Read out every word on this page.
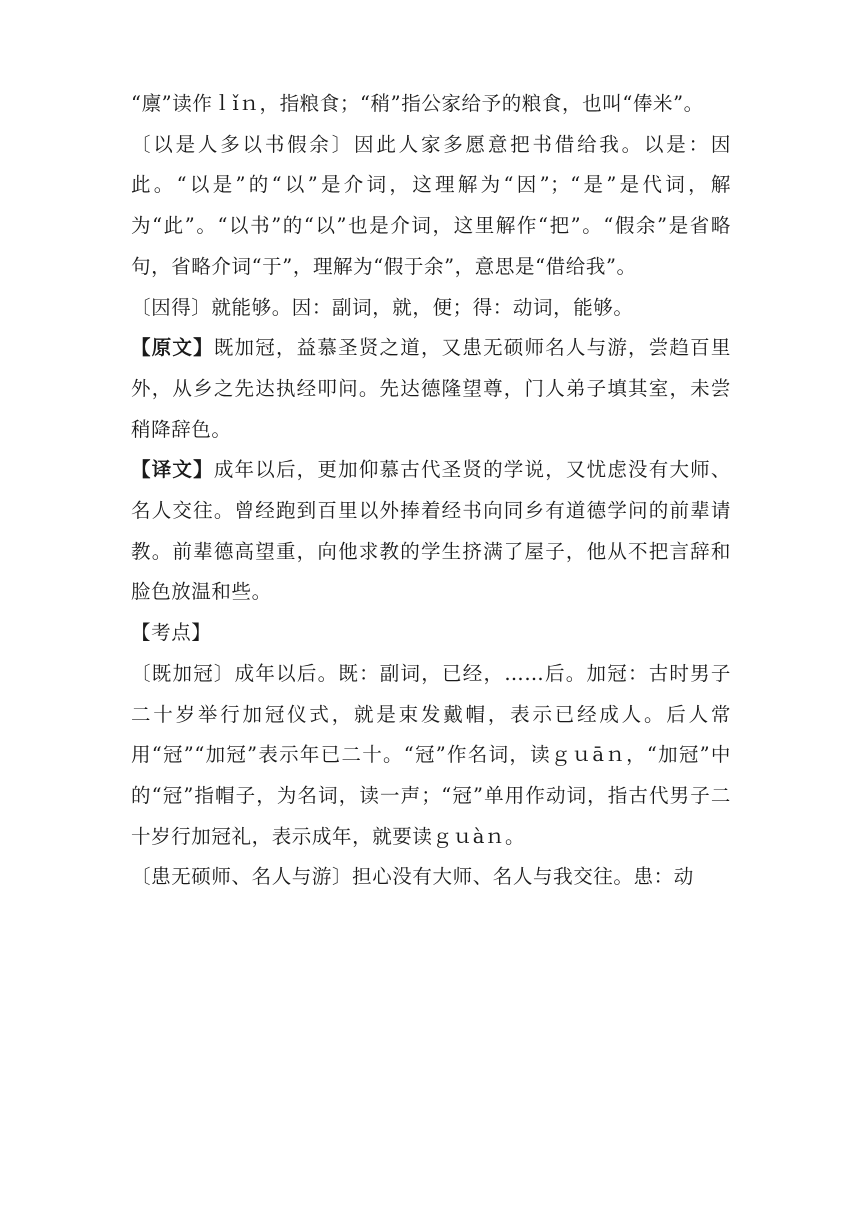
“廪”读作ｌǐｎ，指粮食；“稍”指公家给予的粮食，也叫“俸米”。

〔以是人多以书假余〕因此人家多愿意把书借给我。以是：因此。“以是”的“以”是介词，这理解为“因”；“是”是代词，解为“此”。“以书”的“以”也是介词，这里解作“把”。“假余”是省略句，省略介词“于”，理解为“假于余”，意思是“借给我”。

〔因得〕就能够。因：副词，就，便；得：动词，能够。

【原文】既加冠，益慕圣贤之道，又患无硕师名人与游，尝趋百里外，从乡之先达执经叩问。先达德隆望尊，门人弟子填其室，未尝稍降辞色。

【译文】成年以后，更加仰慕古代圣贤的学说，又忧虑没有大师、名人交往。曾经跑到百里以外捧着经书向同乡有道德学问的前辈请教。前辈德高望重，向他求教的学生挤满了屋子，他从不把言辞和脸色放温和些。

【考点】

〔既加冠〕成年以后。既：副词，已经，……后。加冠：古时男子二十岁举行加冠仪式，就是束发戴帽，表示已经成人。后人常用“冠”“加冠”表示年已二十。“冠”作名词，读ｇｕāｎ，“加冠”中的“冠”指帽子，为名词，读一声；“冠”单用作动词，指古代男子二十岁行加冠礼，表示成年，就要读ｇｕàｎ。

〔患无硕师、名人与游〕担心没有大师、名人与我交往。患：动
